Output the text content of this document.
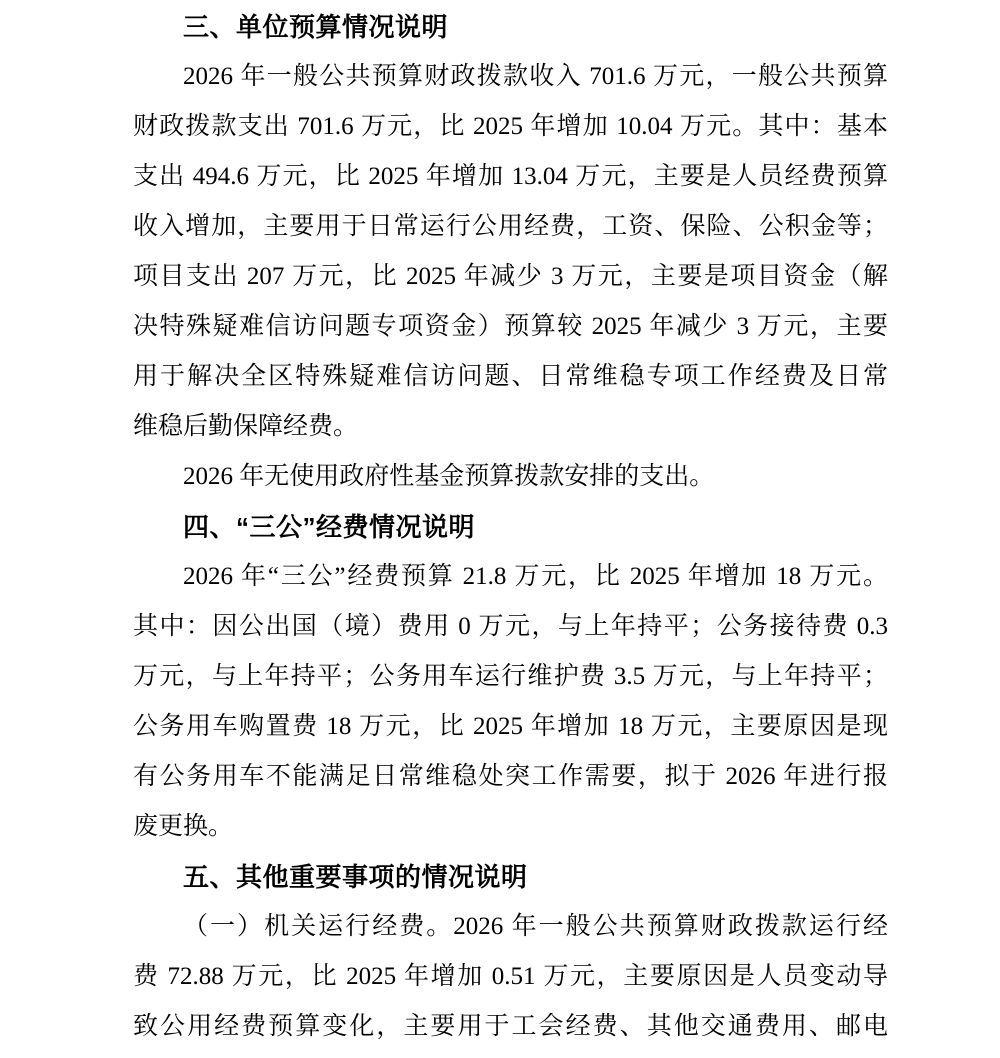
三、单位预算情况说明
2026 年一般公共预算财政拨款收入 701.6 万元，一般公共预算
财政拨款支出 701.6 万元，比 2025 年增加 10.04 万元。其中：基本
支出 494.6 万元，比 2025 年增加 13.04 万元，主要是人员经费预算
收入增加，主要用于日常运行公用经费，工资、保险、公积金等；
项目支出 207 万元，比 2025 年减少 3 万元，主要是项目资金（解
决特殊疑难信访问题专项资金）预算较 2025 年减少 3 万元，主要
用于解决全区特殊疑难信访问题、日常维稳专项工作经费及日常
维稳后勤保障经费。
2026 年无使用政府性基金预算拨款安排的支出。
四、“三公”经费情况说明
2026 年“三公”经费预算 21.8 万元，比 2025 年增加 18 万元。
其中：因公出国（境）费用 0 万元，与上年持平；公务接待费 0.3
万元，与上年持平；公务用车运行维护费 3.5 万元，与上年持平；
公务用车购置费 18 万元，比 2025 年增加 18 万元，主要原因是现
有公务用车不能满足日常维稳处突工作需要，拟于 2026 年进行报
废更换。
五、其他重要事项的情况说明
（一）机关运行经费。2026 年一般公共预算财政拨款运行经
费 72.88 万元，比 2025 年增加 0.51 万元，主要原因是人员变动导
致公用经费预算变化，主要用于工会经费、其他交通费用、邮电
